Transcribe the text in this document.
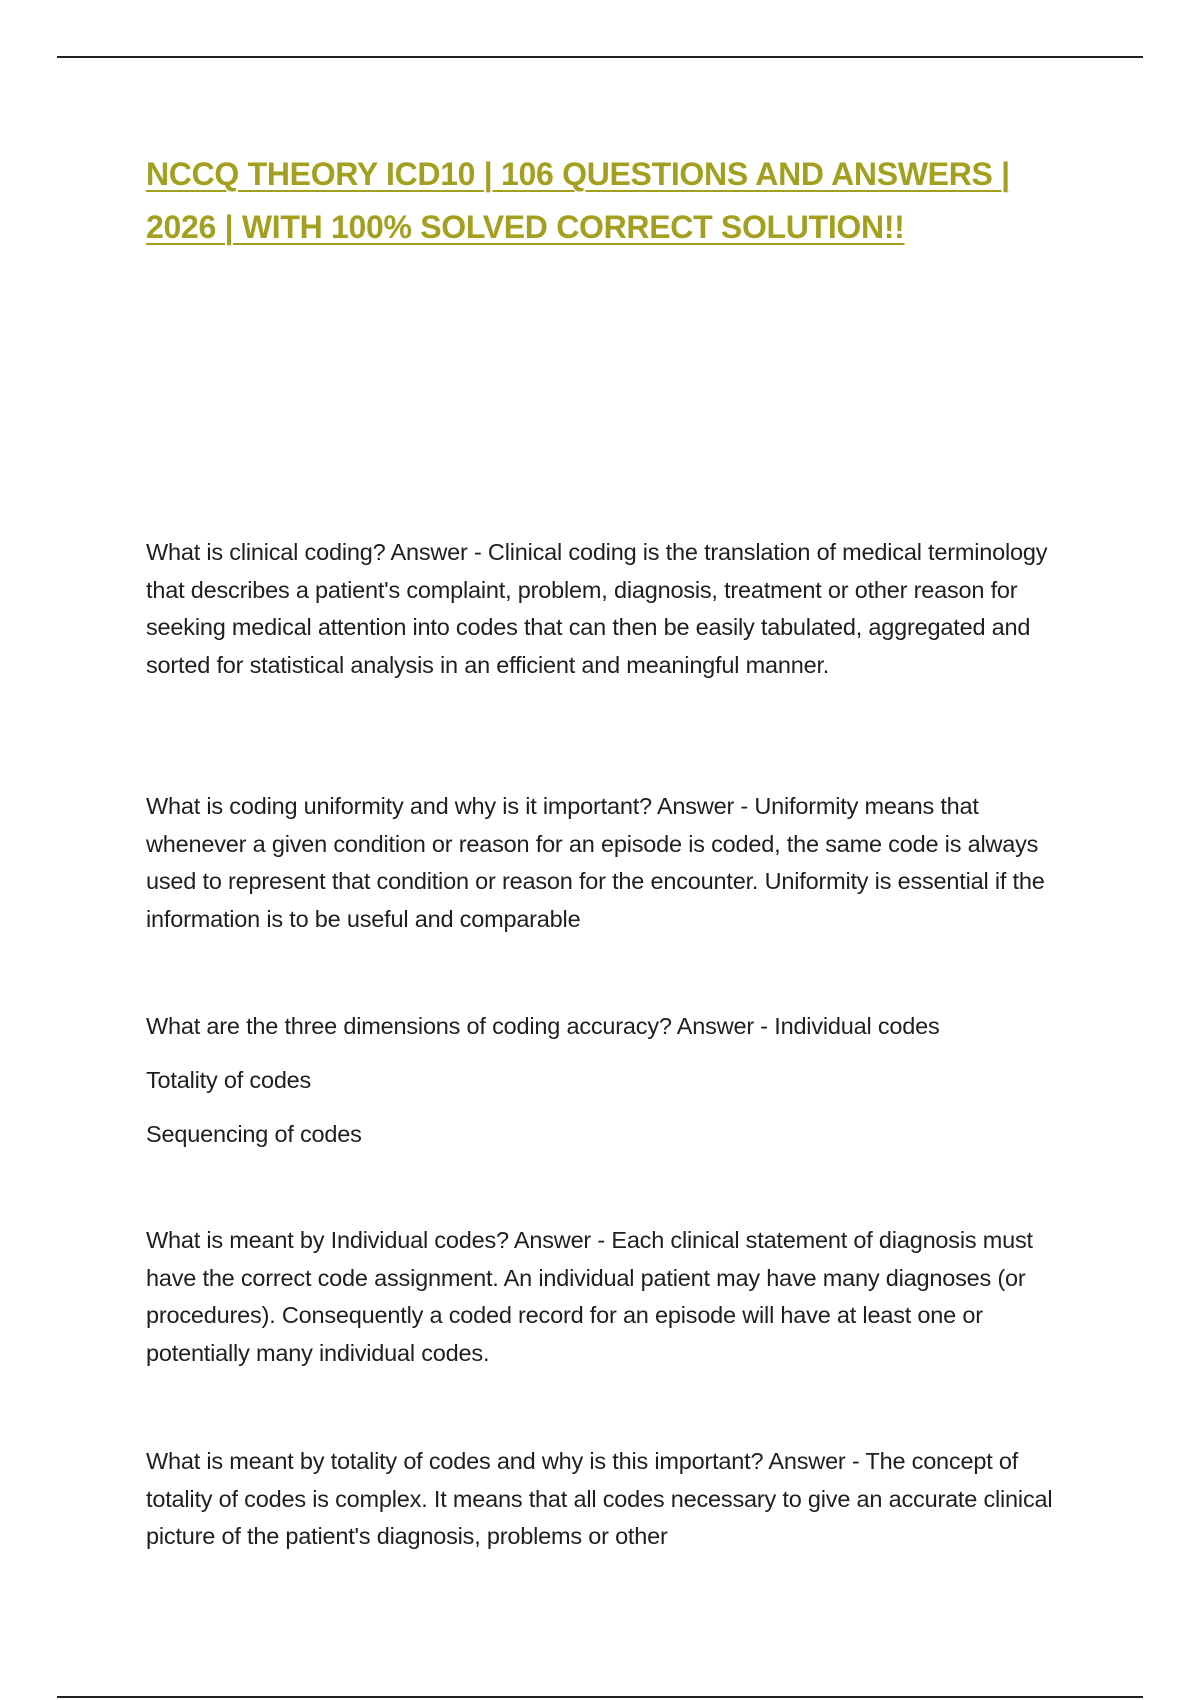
NCCQ THEORY ICD10 | 106 QUESTIONS AND ANSWERS | 2026 | WITH 100% SOLVED CORRECT SOLUTION!!

What is clinical coding? Answer - Clinical coding is the translation of medical terminology that describes a patient's complaint, problem, diagnosis, treatment or other reason for seeking medical attention into codes that can then be easily tabulated, aggregated and sorted for statistical analysis in an efficient and meaningful manner.

What is coding uniformity and why is it important? Answer - Uniformity means that whenever a given condition or reason for an episode is coded, the same code is always used to represent that condition or reason for the encounter. Uniformity is essential if the information is to be useful and comparable

What are the three dimensions of coding accuracy? Answer - Individual codes

Totality of codes

Sequencing of codes

What is meant by Individual codes? Answer - Each clinical statement of diagnosis must have the correct code assignment. An individual patient may have many diagnoses (or procedures). Consequently a coded record for an episode will have at least one or potentially many individual codes.

What is meant by totality of codes and why is this important? Answer - The concept of totality of codes is complex. It means that all codes necessary to give an accurate clinical picture of the patient's diagnosis, problems or other
